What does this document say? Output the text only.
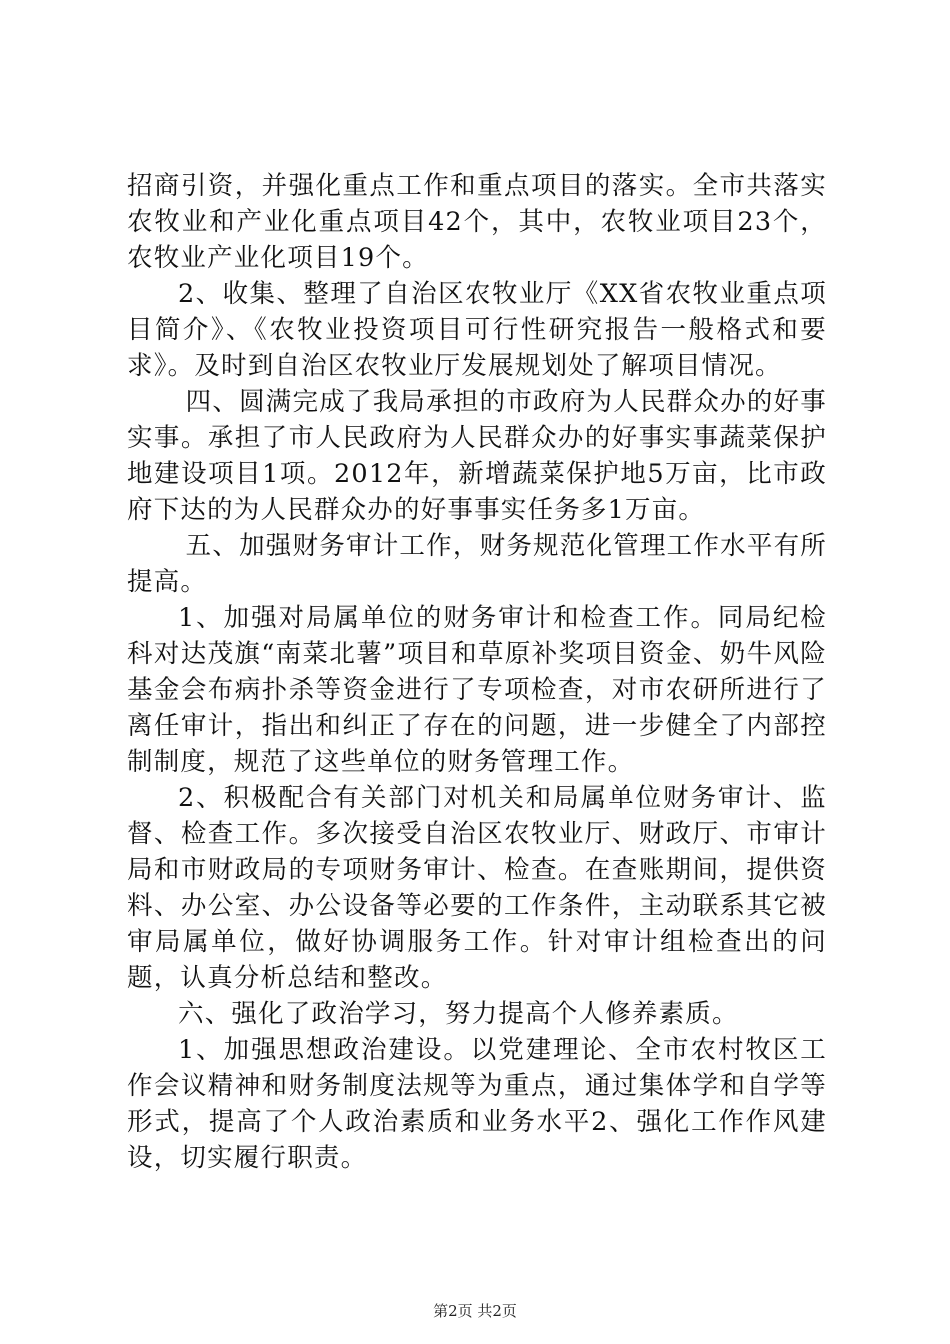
招商引资，并强化重点工作和重点项目的落实。全市共落实农牧业和产业化重点项目42个，其中，农牧业项目23个，农牧业产业化项目19个。

2、收集、整理了自治区农牧业厅《XX省农牧业重点项目简介》、《农牧业投资项目可行性研究报告一般格式和要求》。及时到自治区农牧业厅发展规划处了解项目情况。

四、圆满完成了我局承担的市政府为人民群众办的好事实事。承担了市人民政府为人民群众办的好事实事蔬菜保护地建设项目1项。2012年，新增蔬菜保护地5万亩，比市政府下达的为人民群众办的好事事实任务多1万亩。

五、加强财务审计工作，财务规范化管理工作水平有所提高。

1、加强对局属单位的财务审计和检查工作。同局纪检科对达茂旗“南菜北薯”项目和草原补奖项目资金、奶牛风险基金会布病扑杀等资金进行了专项检查，对市农研所进行了离任审计，指出和纠正了存在的问题，进一步健全了内部控制制度，规范了这些单位的财务管理工作。

2、积极配合有关部门对机关和局属单位财务审计、监督、检查工作。多次接受自治区农牧业厅、财政厅、市审计局和市财政局的专项财务审计、检查。在查账期间，提供资料、办公室、办公设备等必要的工作条件，主动联系其它被审局属单位，做好协调服务工作。针对审计组检查出的问题，认真分析总结和整改。

六、强化了政治学习，努力提高个人修养素质。

1、加强思想政治建设。以党建理论、全市农村牧区工作会议精神和财务制度法规等为重点，通过集体学和自学等形式，提高了个人政治素质和业务水平2、强化工作作风建设，切实履行职责。

第2页 共2页
